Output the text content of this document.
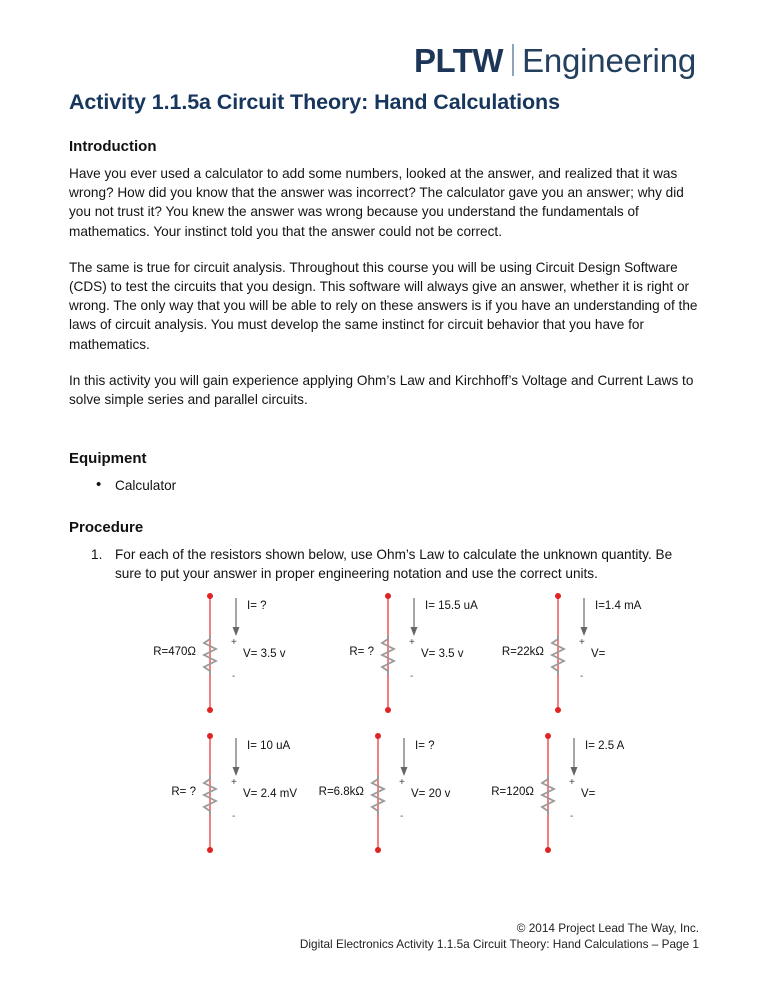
PLTW Engineering
Activity 1.1.5a Circuit Theory: Hand Calculations
Introduction

Have you ever used a calculator to add some numbers, looked at the answer, and realized that it was wrong? How did you know that the answer was incorrect? The calculator gave you an answer; why did you not trust it? You knew the answer was wrong because you understand the fundamentals of mathematics. Your instinct told you that the answer could not be correct.

The same is true for circuit analysis. Throughout this course you will be using Circuit Design Software (CDS) to test the circuits that you design. This software will always give an answer, whether it is right or wrong. The only way that you will be able to rely on these answers is if you have an understanding of the laws of circuit analysis. You must develop the same instinct for circuit behavior that you have for mathematics.

In this activity you will gain experience applying Ohm’s Law and Kirchhoff’s Voltage and Current Laws to solve simple series and parallel circuits.

Equipment
• Calculator
Procedure
For each of the resistors shown below, use Ohm’s Law to calculate the unknown quantity. Be sure to put your answer in proper engineering notation and use the correct units.
R=470Ω
I= ?
+
-
V= 3.5 v	R= ?
I= 15.5 uA
+
-
V= 3.5 v	R=22kΩ
I=1.4 mA
+
-
V=
R= ?
I= 10 uA
+
-
V= 2.4 mV R=6.8kΩ
I= ?
+
-
V= 20 v	R=120Ω
I= 2.5 A
+
-
V=
© 2014 Project Lead The Way, Inc.
Digital Electronics Activity 1.1.5a Circuit Theory: Hand Calculations – Page 1
